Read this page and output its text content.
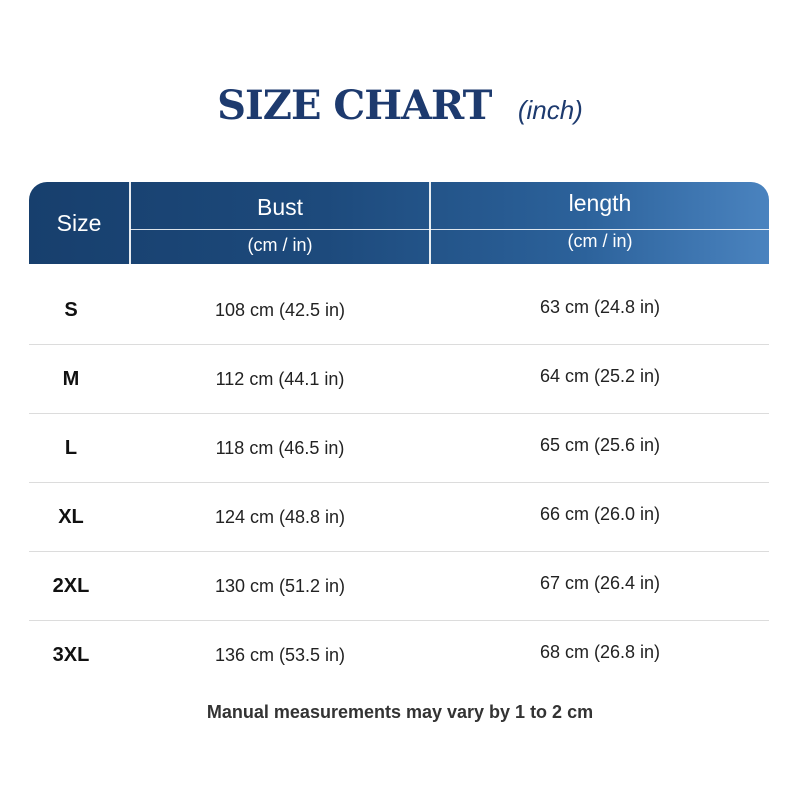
SIZE CHART (inch)
Size
Bust
(cm / in)
length
(cm / in)
S	108 cm (42.5 in)	63 cm (24.8 in)
M	112 cm (44.1 in)	64 cm (25.2 in)
L	118 cm (46.5 in)	65 cm (25.6 in)
XL	124 cm (48.8 in)	66 cm (26.0 in)
2XL	130 cm (51.2 in)	67 cm (26.4 in)
3XL	136 cm (53.5 in)	68 cm (26.8 in)
Manual measurements may vary by 1 to 2 cm
